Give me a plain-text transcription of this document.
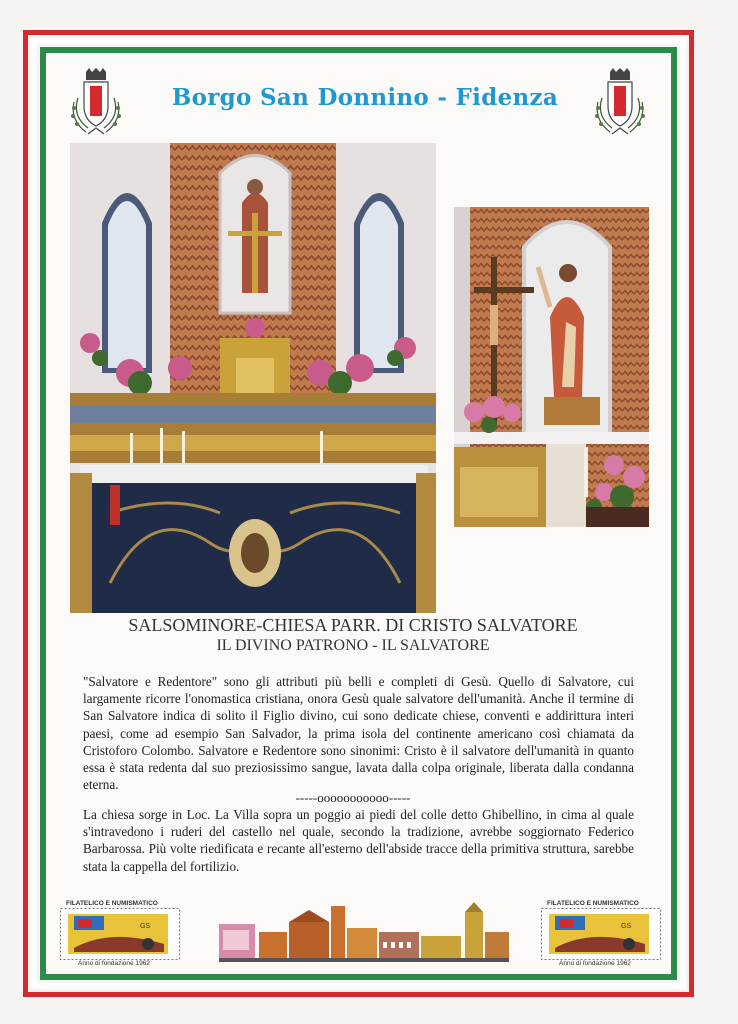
Borgo San Donnino - Fidenza
SALSOMINORE-CHIESA PARR. DI CRISTO SALVATORE
IL DIVINO PATRONO - IL SALVATORE
"Salvatore e Redentore" sono gli attributi più belli e completi di Gesù. Quello di Salvatore, cui largamente ricorre l'onomastica cristiana, onora Gesù quale salvatore dell'umanità. Anche il termine di San Salvatore indica di solito il Figlio divino, cui sono dedicate chiese, conventi e addirittura interi paesi, come ad esempio San Salvador, la prima isola del continente americano così chiamata da Cristoforo Colombo. Salvatore e Redentore sono sinonimi: Cristo è il salvatore dell'umanità in quanto essa è stata redenta dal suo preziosissimo sangue, lavata dalla colpa originale, liberata dalla condanna eterna.
-----ooooooooooo-----
La chiesa sorge in Loc. La Villa sopra un poggio ai piedi del colle detto Ghibellino, in cima al quale s'intravedono i ruderi del castello nel quale, secondo la tradizione, avrebbe soggiornato Federico Barbarossa. Più volte riedificata e recante all'esterno dell'abside tracce della primitiva struttura, sarebbe stata la cappella del fortilizio.
FILATELICO E NUMISMATICO
GS
Anno di fondazione 1962
FILATELICO E NUMISMATICO
GS
Anno di fondazione 1962
